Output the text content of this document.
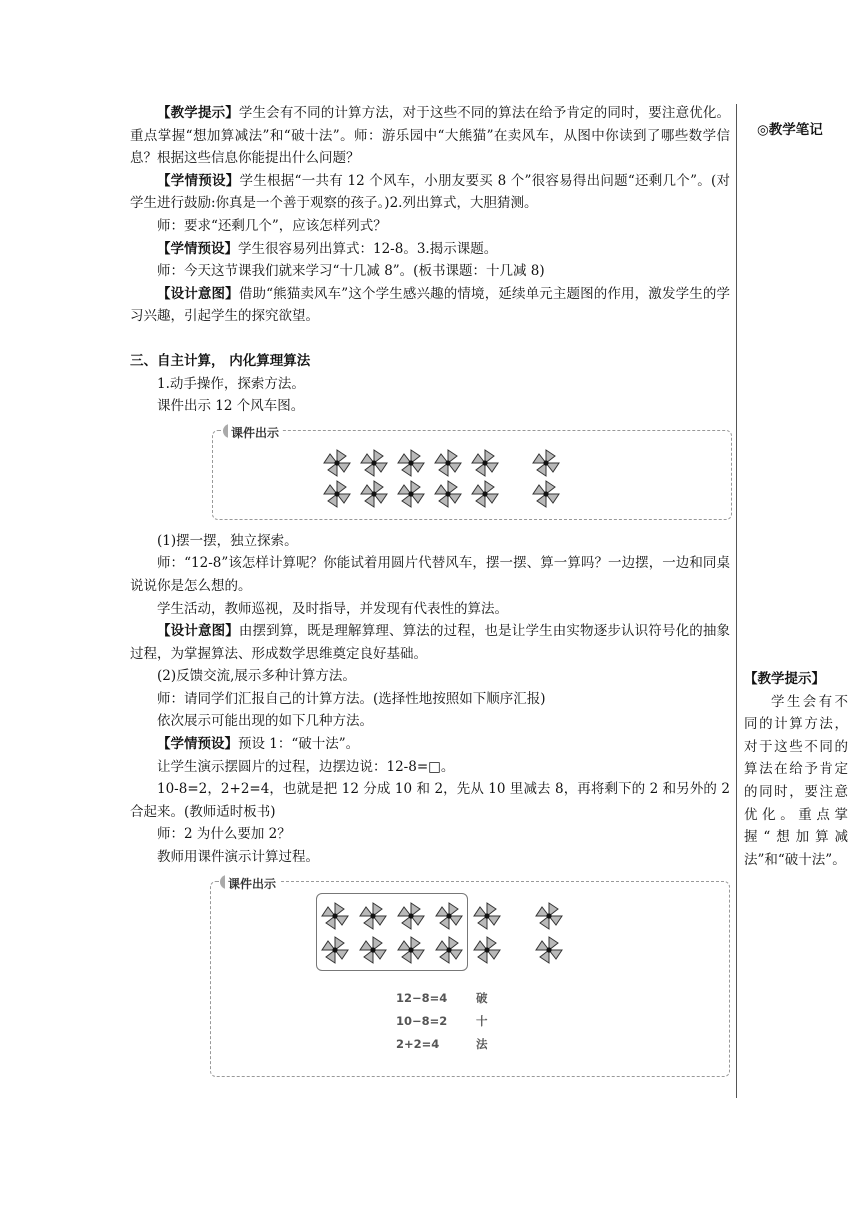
◎教学笔记
【教学提示】
学生会有不同的计算方法，对于这些不同的算法在给予肯定的同时，要注意优化。重点掌握“想加算减法”和“破十法”。

【教学提示】学生会有不同的计算方法，对于这些不同的算法在给予肯定的同时，要注意优化。重点掌握“想加算减法”和“破十法”。师：游乐园中“大熊猫”在卖风车，从图中你读到了哪些数学信息？根据这些信息你能提出什么问题？

【学情预设】学生根据“一共有 12 个风车，小朋友要买 8 个”很容易得出问题“还剩几个”。(对学生进行鼓励:你真是一个善于观察的孩子。)2.列出算式，大胆猜测。

师：要求“还剩几个”，应该怎样列式？

【学情预设】学生很容易列出算式：12-8。3.揭示课题。

师：今天这节课我们就来学习“十几减 8”。(板书课题：十几减 8)

【设计意图】借助“熊猫卖风车”这个学生感兴趣的情境，延续单元主题图的作用，激发学生的学习兴趣，引起学生的探究欲望。

三、自主计算， 内化算理算法

1.动手操作，探索方法。

课件出示 12 个风车图。

课件出示

(1)摆一摆，独立探索。

师：“12-8”该怎样计算呢？你能试着用圆片代替风车，摆一摆、算一算吗？一边摆，一边和同桌说说你是怎么想的。

学生活动，教师巡视，及时指导，并发现有代表性的算法。

【设计意图】由摆到算，既是理解算理、算法的过程，也是让学生由实物逐步认识符号化的抽象过程，为掌握算法、形成数学思维奠定良好基础。

(2)反馈交流,展示多种计算方法。

师：请同学们汇报自己的计算方法。(选择性地按照如下顺序汇报)

依次展示可能出现的如下几种方法。

【学情预设】预设 1：“破十法”。

让学生演示摆圆片的过程，边摆边说：12-8=□。

10-8=2，2+2=4，也就是把 12 分成 10 和 2，先从 10 里减去 8，再将剩下的 2 和另外的 2 合起来。(教师适时板书)

师：2 为什么要加 2？

教师用课件演示计算过程。

课件出示
12−8=4
10−8=2
2+2=4
破
十
法
